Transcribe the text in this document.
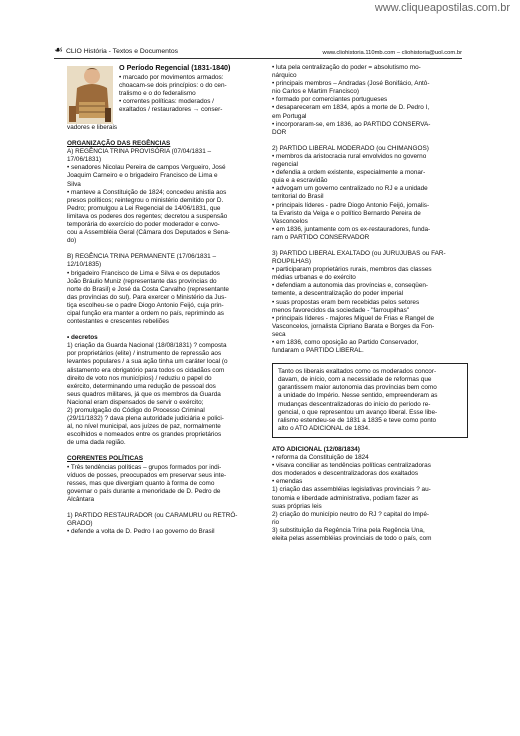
www.cliqueapostilas.com.br
☙ CLIO História - Textos e Documentos	www.cliohistoria.110mb.com – cliohistoria@uol.com.br
O Período Regencial (1831-1840)
• marcado por movimentos armados:
choacam-se dois princípios: o do cen-
tralismo e o do federalismo
• correntes políticas: moderados /
exaltados / restauradores → conser-
vadores e liberais
ORGANIZAÇÃO DAS REGÊNCIAS
A) REGÊNCIA TRINA PROVISÓRIA (07/04/1831 –
17/06/1831)
• senadores Nicolau Pereira de campos Vergueiro, José
Joaquim Carneiro e o brigadeiro Francisco de Lima e
Silva
• manteve a Constituição de 1824; concedeu anistia aos
presos políticos; reintegrou o ministério demitido por D.
Pedro; promulgou a Lei Regencial de 14/06/1831, que
limitava os poderes dos regentes; decretou a suspensão
temporária do exercício do poder moderador e convo-
cou a Assembléia Geral (Câmara dos Deputados e Sena-
do)
B) REGÊNCIA TRINA PERMANENTE (17/06/1831 –
12/10/1835)
• brigadeiro Francisco de Lima e Silva e os deputados
João Bráulio Muniz (representante das províncias do
norte do Brasil) e José da Costa Carvalho (representante
das províncias do sul). Para exercer o Ministério da Jus-
tiça escolheu-se o padre Diogo Antonio Feijó, cuja prin-
cipal função era manter a ordem no país, reprimindo as
contestantes e crescentes rebeliões
• decretos
1) criação da Guarda Nacional (18/08/1831) ? composta
por proprietários (elite) / instrumento de repressão aos
levantes populares / a sua ação tinha um caráter local (o
alistamento era obrigatório para todos os cidadãos com
direito de voto nos municípios) / reduziu o papel do
exército, determinando uma redução de pessoal dos
seus quadros militares, já que os membros da Guarda
Nacional eram dispensados de servir o exército;
2) promulgação do Código do Processo Criminal
(29/11/1832) ? dava plena autoridade judiciária e polici-
al, no nível municipal, aos juízes de paz, normalmente
escolhidos e nomeados entre os grandes proprietários
de uma dada região.
CORRENTES POLÍTICAS
• Três tendências políticas – grupos formados por indi-
víduos de posses, preocupados em preservar seus inte-
resses, mas que divergiam quanto à forma de como
governar o país durante a menoridade de D. Pedro de
Alcântara
1) PARTIDO RESTAURADOR (ou CARAMURU ou RETRÓ-
GRADO)
• defende a volta de D. Pedro I ao governo do Brasil
• luta pela centralização do poder = absolutismo mo-
nárquico
• principais membros – Andradas (José Bonifácio, Antô-
nio Carlos e Martim Francisco)
• formado por comerciantes portugueses
• desapareceram em 1834, após a morte de D. Pedro I,
em Portugal
• incorporaram-se, em 1836, ao PARTIDO CONSERVA-
DOR
2) PARTIDO LIBERAL MODERADO (ou CHIMANGOS)
• membros da aristocracia rural envolvidos no governo
regencial
• defendia a ordem existente, especialmente a monar-
quia e a escravidão
• advogam um governo centralizado no RJ e a unidade
territorial do Brasil
• principais líderes - padre Diogo Antonio Feijó, jornalis-
ta Evaristo da Veiga e o político Bernardo Pereira de
Vasconcelos
• em 1836, juntamente com os ex-restauradores, funda-
ram o PARTIDO CONSERVADOR
3) PARTIDO LIBERAL EXALTADO (ou JURUJUBAS ou FAR-
ROUPILHAS)
• participaram proprietários rurais, membros das classes
médias urbanas e do exército
• defendiam a autonomia das províncias e, conseqüen-
temente, a descentralização do poder imperial
• suas propostas eram bem recebidas pelos setores
menos favorecidos da sociedade - "farroupilhas"
• principais líderes - majores Miguel de Frias e Rangel de
Vasconcelos, jornalista Cipriano Barata e Borges da Fon-
seca
• em 1836, como oposição ao Partido Conservador,
fundaram o PARTIDO LIBERAL.
Tanto os liberais exaltados como os moderados concor-
davam, de início, com a necessidade de reformas que
garantissem maior autonomia das províncias bem como
a unidade do Império. Nesse sentido, empreenderam as
mudanças descentralizadoras do início do período re-
gencial, o que representou um avanço liberal. Esse libe-
ralismo estendeu-se de 1831 a 1835 e teve como ponto
alto o ATO ADICIONAL de 1834.
ATO ADICIONAL (12/08/1834)
• reforma da Constituição de 1824
• visava conciliar as tendências políticas centralizadoras
dos moderados e descentralizadoras dos exaltados
• emendas
1) criação das assembléias legislativas provinciais ? au-
tonomia e liberdade administrativa, podiam fazer as
suas próprias leis
2) criação do município neutro do RJ ? capital do Impé-
rio
3) substituição da Regência Trina pela Regência Una,
eleita pelas assembléias provinciais de todo o país, com
